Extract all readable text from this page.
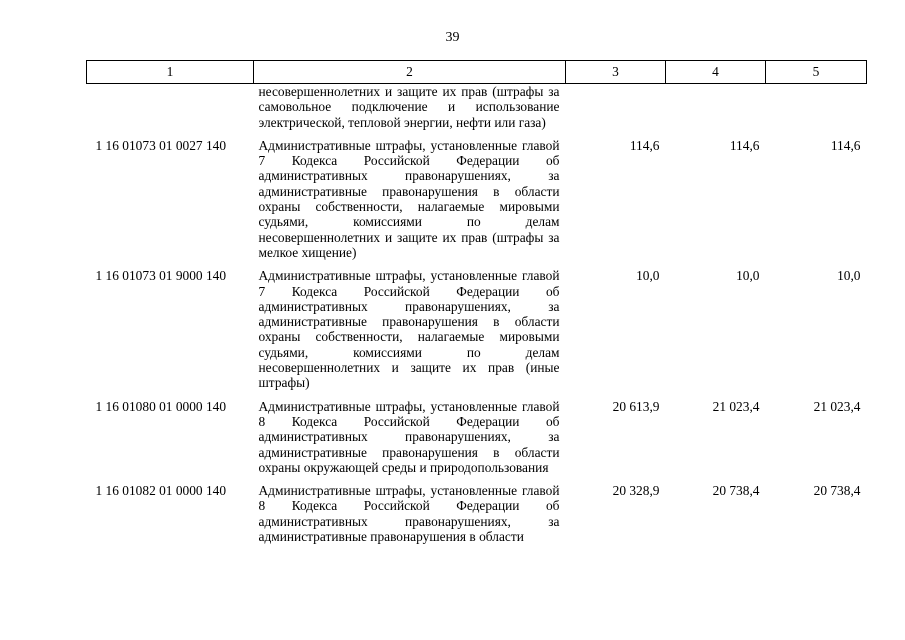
39
1	2	3	4	5
	несовершеннолетних и защите их прав (штрафы за самовольное подключение и использование электрической, тепловой энергии, нефти или газа)			
1 16 01073 01 0027 140	Административные штрафы, установленные главой 7 Кодекса Российской Федерации об административных правонарушениях, за административные правонарушения в области охраны собственности, налагаемые мировыми судьями, комиссиями по делам несовершеннолетних и защите их прав (штрафы за мелкое хищение)	114,6	114,6	114,6
1 16 01073 01 9000 140	Административные штрафы, установленные главой 7 Кодекса Российской Федерации об административных правонарушениях, за административные правонарушения в области охраны собственности, налагаемые мировыми судьями, комиссиями по делам несовершеннолетних и защите их прав (иные штрафы)	10,0	10,0	10,0
1 16 01080 01 0000 140	Административные штрафы, установленные главой 8 Кодекса Российской Федерации об административных правонарушениях, за административные правонарушения в области охраны окружающей среды и природопользования	20 613,9	21 023,4	21 023,4
1 16 01082 01 0000 140	Административные штрафы, установленные главой 8 Кодекса Российской Федерации об административных правонарушениях, за административные правонарушения в области	20 328,9	20 738,4	20 738,4
